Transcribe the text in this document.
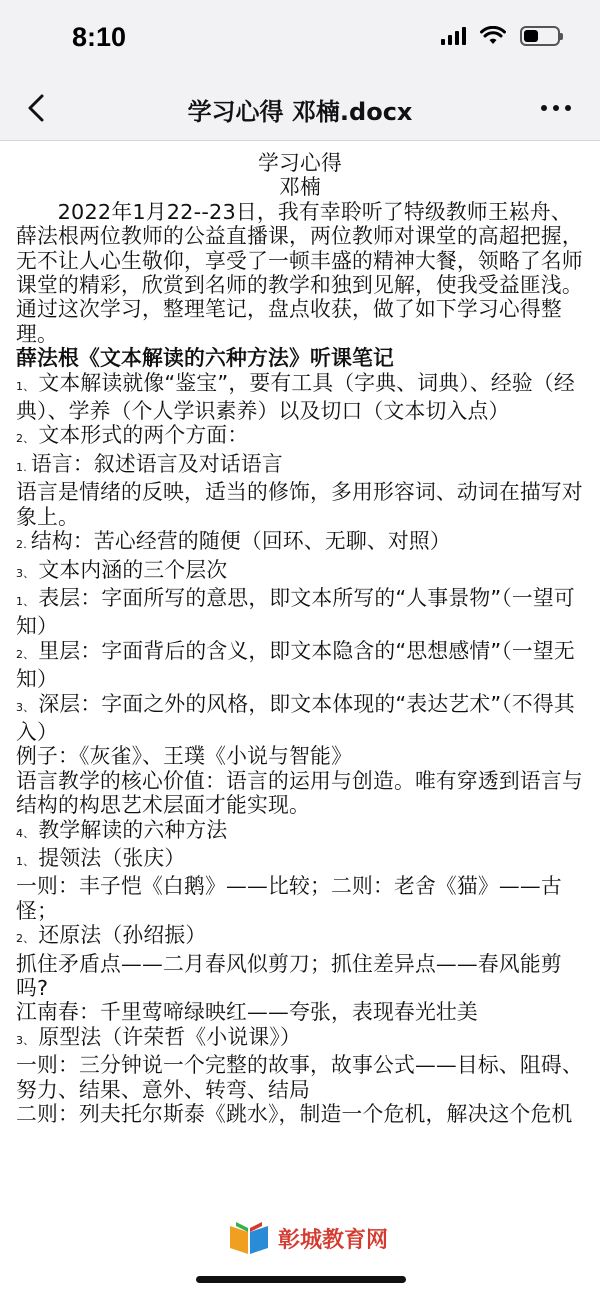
8:10
学习心得 邓楠.docx

学习心得

邓楠

2022年1月22--23日，我有幸聆听了特级教师王崧舟、薛法根两位教师的公益直播课，两位教师对课堂的高超把握，无不让人心生敬仰，享受了一顿丰盛的精神大餐，领略了名师课堂的精彩，欣赏到名师的教学和独到见解，使我受益匪浅。通过这次学习，整理笔记，盘点收获，做了如下学习心得整理。

薛法根《文本解读的六种方法》听课笔记

1、 文本解读就像“鉴宝”，要有工具（字典、词典）、经验（经典）、学养（个人学识素养）以及切口（文本切入点）

2、 文本形式的两个方面：

1. 语言：叙述语言及对话语言

语言是情绪的反映，适当的修饰，多用形容词、动词在描写对象上。

2. 结构：苦心经营的随便（回环、无聊、对照）

3、 文本内涵的三个层次

1、 表层：字面所写的意思，即文本所写的“人事景物”（一望可知）

2、 里层：字面背后的含义，即文本隐含的“思想感情”（一望无知）

3、 深层：字面之外的风格，即文本体现的“表达艺术”（不得其入）

例子：《灰雀》、王璞《小说与智能》

语言教学的核心价值：语言的运用与创造。唯有穿透到语言与结构的构思艺术层面才能实现。

4、 教学解读的六种方法

1、 提领法（张庆）

一则：丰子恺《白鹅》——比较；二则：老舍《猫》——古怪；

2、 还原法（孙绍振）

抓住矛盾点——二月春风似剪刀；抓住差异点——春风能剪吗?

江南春：千里莺啼绿映红——夸张，表现春光壮美

3、 原型法（许荣哲《小说课》）

一则：三分钟说一个完整的故事，故事公式——目标、阻碍、努力、结果、意外、转弯、结局

二则：列夫托尔斯泰《跳水》，制造一个危机，解决这个危机

彰城教育网
